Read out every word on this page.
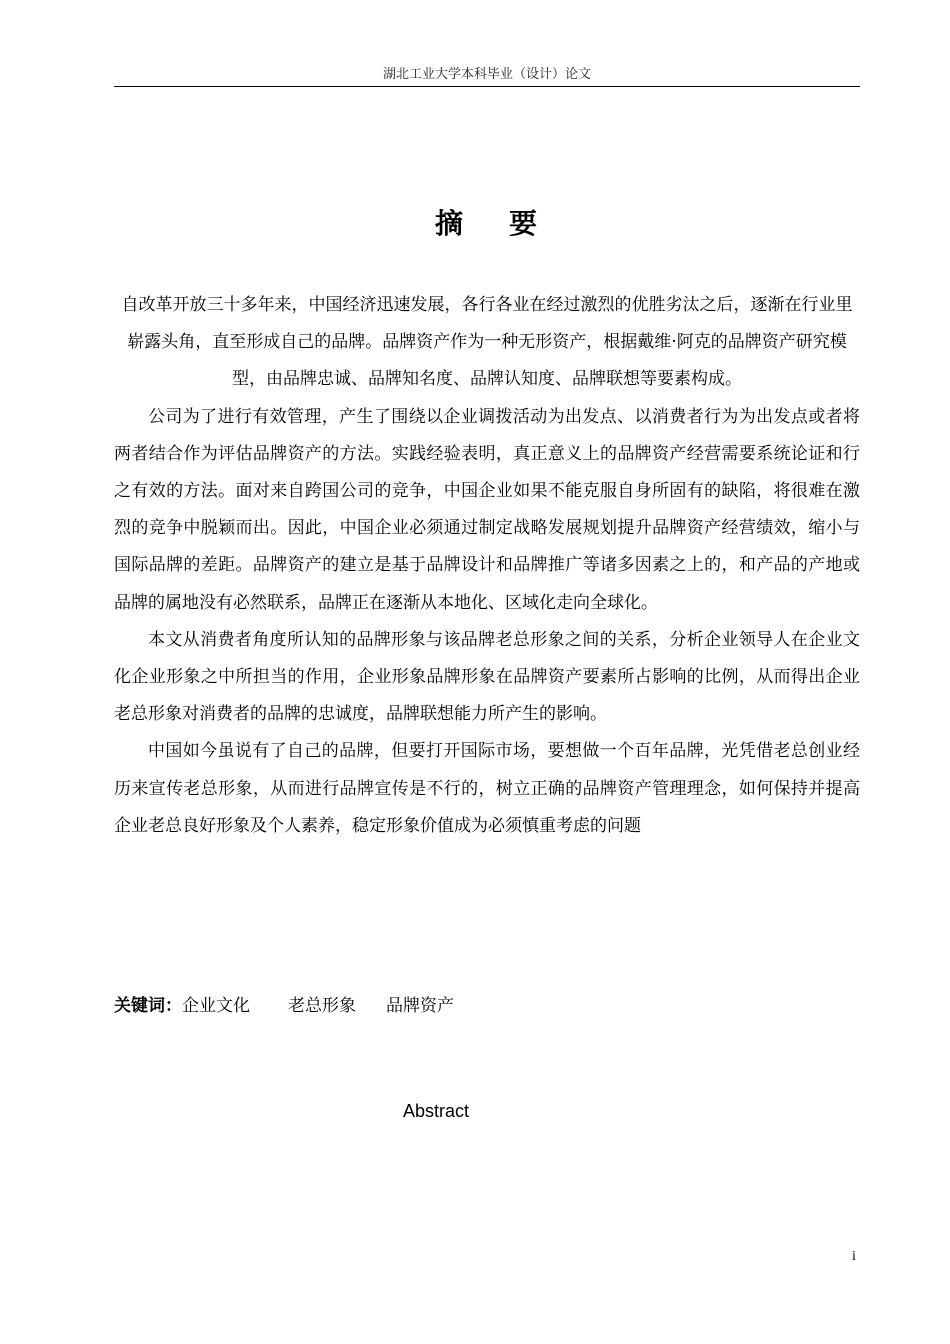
湖北工业大学本科毕业（设计）论文
摘 要

自改革开放三十多年来，中国经济迅速发展，各行各业在经过激烈的优胜劣汰之后，逐渐在行业里崭露头角，直至形成自己的品牌。品牌资产作为一种无形资产，根据戴维·阿克的品牌资产研究模型，由品牌忠诚、品牌知名度、品牌认知度、品牌联想等要素构成。

公司为了进行有效管理，产生了围绕以企业调拨活动为出发点、以消费者行为为出发点或者将两者结合作为评估品牌资产的方法。实践经验表明，真正意义上的品牌资产经营需要系统论证和行之有效的方法。面对来自跨国公司的竞争，中国企业如果不能克服自身所固有的缺陷，将很难在激烈的竞争中脱颖而出。因此，中国企业必须通过制定战略发展规划提升品牌资产经营绩效，缩小与国际品牌的差距。品牌资产的建立是基于品牌设计和品牌推广等诸多因素之上的，和产品的产地或品牌的属地没有必然联系，品牌正在逐渐从本地化、区域化走向全球化。

本文从消费者角度所认知的品牌形象与该品牌老总形象之间的关系，分析企业领导人在企业文化企业形象之中所担当的作用，企业形象品牌形象在品牌资产要素所占影响的比例，从而得出企业老总形象对消费者的品牌的忠诚度，品牌联想能力所产生的影响。

中国如今虽说有了自己的品牌，但要打开国际市场，要想做一个百年品牌，光凭借老总创业经历来宣传老总形象，从而进行品牌宣传是不行的，树立正确的品牌资产管理理念，如何保持并提高企业老总良好形象及个人素养，稳定形象价值成为必须慎重考虑的问题

关键词：企业文化 老总形象 品牌资产
Abstract
i
